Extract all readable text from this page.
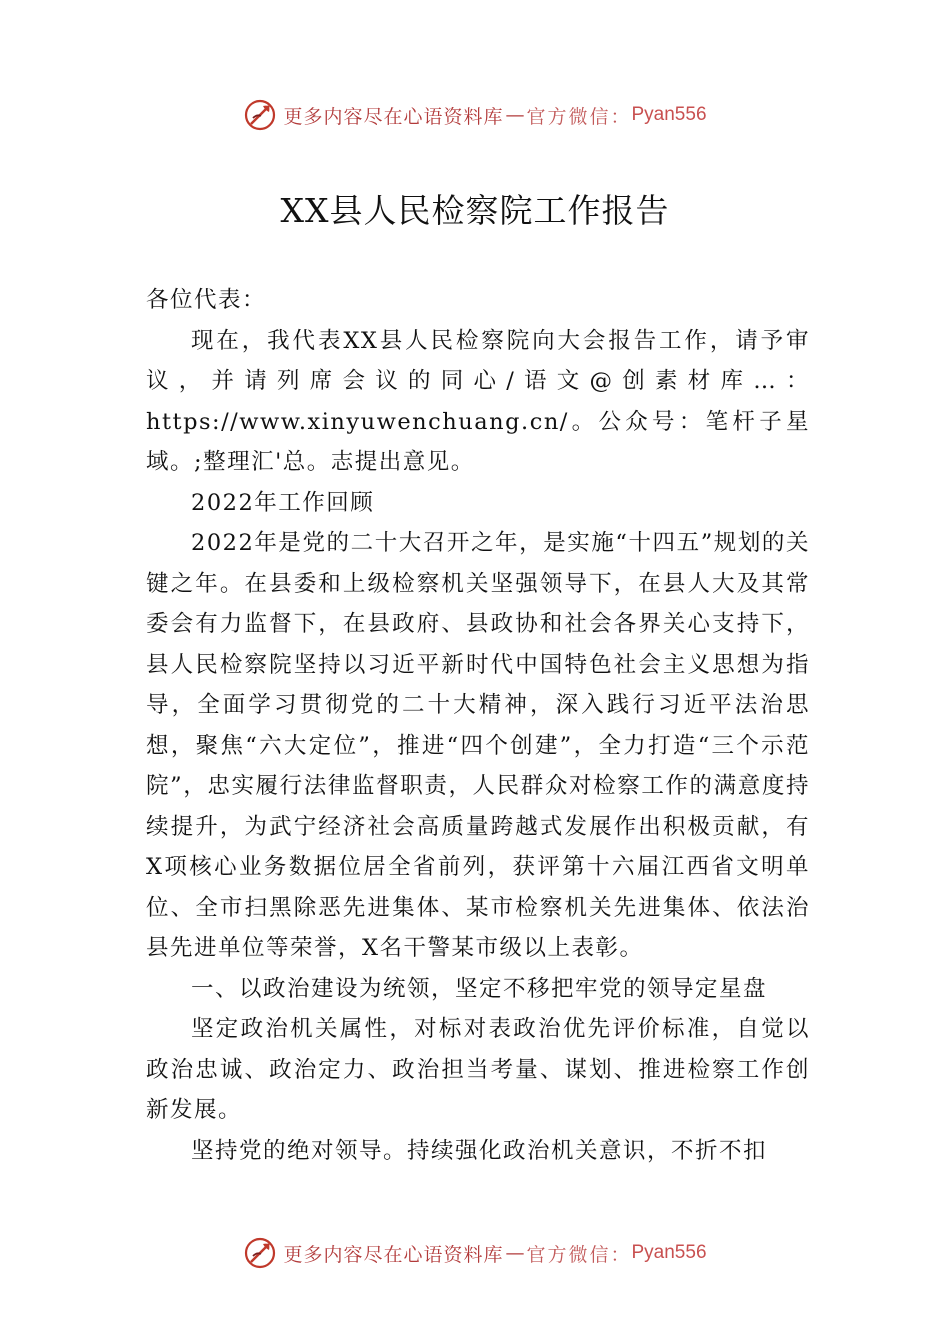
更多内容尽在心语资料库 — 官方微信： Pyan556
XX县人民检察院工作报告

各位代表：

现在，我代表XX县人民检察院向大会报告工作，请予审议，并请列席会议的同心/语文@创素材库…：https://www.xinyuwenchuang.cn/。公众号：笔杆子星域。;整理汇'总。志提出意见。

2022年工作回顾

2022年是党的二十大召开之年，是实施“十四五”规划的关键之年。在县委和上级检察机关坚强领导下，在县人大及其常委会有力监督下，在县政府、县政协和社会各界关心支持下，县人民检察院坚持以习近平新时代中国特色社会主义思想为指导，全面学习贯彻党的二十大精神，深入践行习近平法治思想，聚焦“六大定位”，推进“四个创建”，全力打造“三个示范院”，忠实履行法律监督职责，人民群众对检察工作的满意度持续提升，为武宁经济社会高质量跨越式发展作出积极贡献，有X项核心业务数据位居全省前列，获评第十六届江西省文明单位、全市扫黑除恶先进集体、某市检察机关先进集体、依法治县先进单位等荣誉，X名干警某市级以上表彰。

一、以政治建设为统领，坚定不移把牢党的领导定星盘

坚定政治机关属性，对标对表政治优先评价标准，自觉以政治忠诚、政治定力、政治担当考量、谋划、推进检察工作创新发展。

坚持党的绝对领导。持续强化政治机关意识，不折不扣

更多内容尽在心语资料库 — 官方微信： Pyan556
